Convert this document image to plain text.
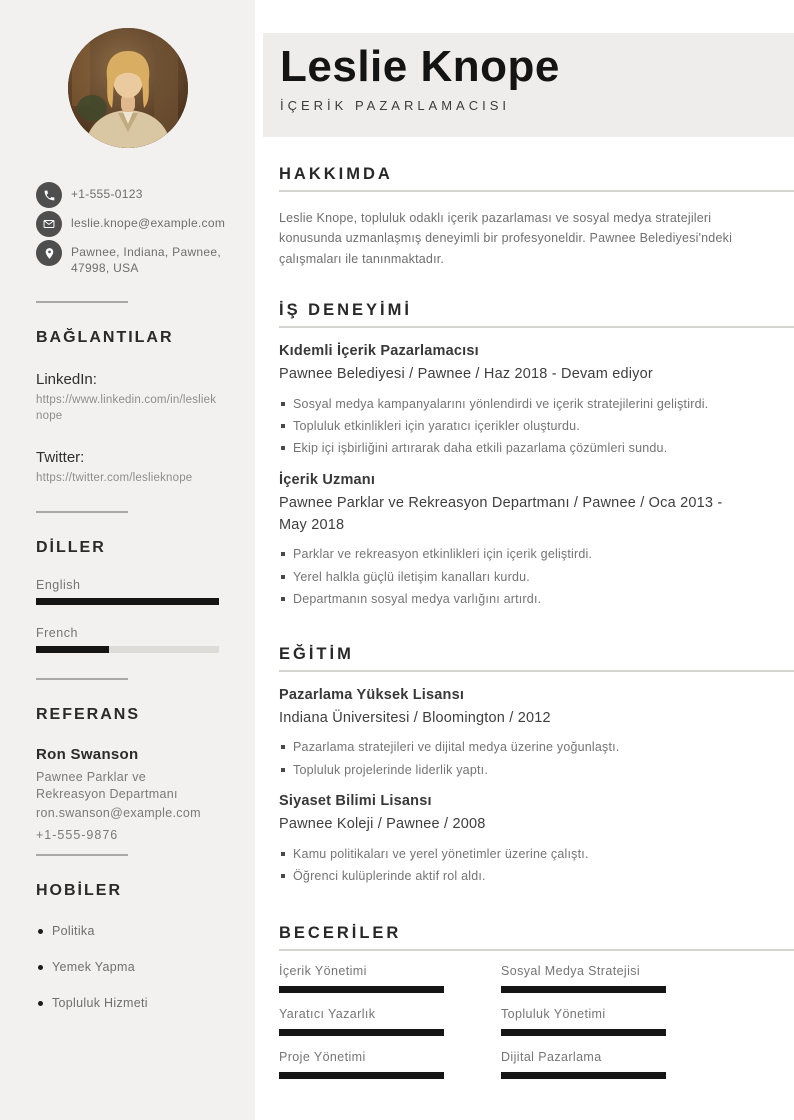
+1-555-0123
leslie.knope@example.com
Pawnee, Indiana, Pawnee, 47998, USA
BAĞLANTILAR
LinkedIn:
https://www.linkedin.com/in/leslieknope
Twitter:
https://twitter.com/leslieknope
DİLLER
English
French
REFERANS
Ron Swanson
Pawnee Parklar ve Rekreasyon Departmanı
ron.swanson@example.com
+1-555-9876
HOBİLER
Politika
Yemek Yapma
Topluluk Hizmeti
Leslie Knope
İÇERİK PAZARLAMACISI
HAKKIMDA

Leslie Knope, topluluk odaklı içerik pazarlaması ve sosyal medya stratejileri konusunda uzmanlaşmış deneyimli bir profesyoneldir. Pawnee Belediyesi'ndeki çalışmaları ile tanınmaktadır.

İŞ DENEYİMİ
Kıdemli İçerik Pazarlamacısı
Pawnee Belediyesi / Pawnee / Haz 2018 - Devam ediyor
Sosyal medya kampanyalarını yönlendirdi ve içerik stratejilerini geliştirdi.
Topluluk etkinlikleri için yaratıcı içerikler oluşturdu.
Ekip içi işbirliğini artırarak daha etkili pazarlama çözümleri sundu.
İçerik Uzmanı
Pawnee Parklar ve Rekreasyon Departmanı / Pawnee / Oca 2013 - May 2018
Parklar ve rekreasyon etkinlikleri için içerik geliştirdi.
Yerel halkla güçlü iletişim kanalları kurdu.
Departmanın sosyal medya varlığını artırdı.
EĞİTİM
Pazarlama Yüksek Lisansı
Indiana Üniversitesi / Bloomington / 2012
Pazarlama stratejileri ve dijital medya üzerine yoğunlaştı.
Topluluk projelerinde liderlik yaptı.
Siyaset Bilimi Lisansı
Pawnee Koleji / Pawnee / 2008
Kamu politikaları ve yerel yönetimler üzerine çalıştı.
Öğrenci kulüplerinde aktif rol aldı.
BECERİLER
İçerik Yönetimi	Sosyal Medya Stratejisi
Yaratıcı Yazarlık	Topluluk Yönetimi
Proje Yönetimi	Dijital Pazarlama
